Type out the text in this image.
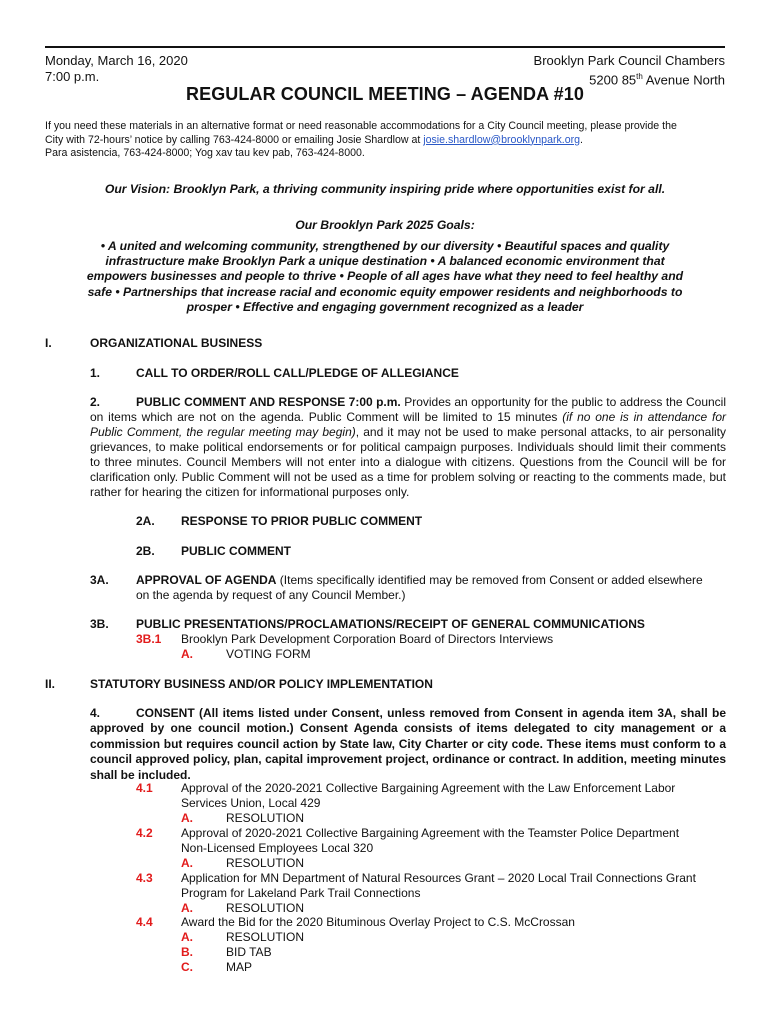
Monday, March 16, 2020
7:00 p.m.
Brooklyn Park Council Chambers
5200 85th Avenue North
REGULAR COUNCIL MEETING – AGENDA #10
If you need these materials in an alternative format or need reasonable accommodations for a City Council meeting, please provide the
City with 72-hours’ notice by calling 763-424-8000 or emailing Josie Shardlow at josie.shardlow@brooklynpark.org.
Para asistencia, 763-424-8000; Yog xav tau kev pab, 763-424-8000.
Our Vision: Brooklyn Park, a thriving community inspiring pride where opportunities exist for all.
Our Brooklyn Park 2025 Goals:
• A united and welcoming community, strengthened by our diversity • Beautiful spaces and quality
infrastructure make Brooklyn Park a unique destination • A balanced economic environment that
empowers businesses and people to thrive • People of all ages have what they need to feel healthy and
safe • Partnerships that increase racial and economic equity empower residents and neighborhoods to
prosper • Effective and engaging government recognized as a leader
I.	ORGANIZATIONAL BUSINESS
1.	CALL TO ORDER/ROLL CALL/PLEDGE OF ALLEGIANCE
2.	PUBLIC COMMENT AND RESPONSE 7:00 p.m. Provides an opportunity for the public to address the Council on items which are not on the agenda. Public Comment will be limited to 15 minutes (if no one is in attendance for Public Comment, the regular meeting may begin), and it may not be used to make personal attacks, to air personality grievances, to make political endorsements or for political campaign purposes. Individuals should limit their comments to three minutes. Council Members will not enter into a dialogue with citizens. Questions from the Council will be for clarification only. Public Comment will not be used as a time for problem solving or reacting to the comments made, but rather for hearing the citizen for informational purposes only.
2A. RESPONSE TO PRIOR PUBLIC COMMENT
2B. PUBLIC COMMENT
3A. APPROVAL OF AGENDA (Items specifically identified may be removed from Consent or added elsewhere
on the agenda by request of any Council Member.)
3B. PUBLIC PRESENTATIONS/PROCLAMATIONS/RECEIPT OF GENERAL COMMUNICATIONS
3B.1 Brooklyn Park Development Corporation Board of Directors Interviews
A.	VOTING FORM
II.	STATUTORY BUSINESS AND/OR POLICY IMPLEMENTATION
4.	CONSENT (All items listed under Consent, unless removed from Consent in agenda item 3A, shall be approved by one council motion.) Consent Agenda consists of items delegated to city management or a commission but requires council action by State law, City Charter or city code. These items must conform to a council approved policy, plan, capital improvement project, ordinance or contract. In addition, meeting minutes shall be included.
4.1 Approval of the 2020-2021 Collective Bargaining Agreement with the Law Enforcement Labor
Services Union, Local 429
A.	RESOLUTION
4.2 Approval of 2020-2021 Collective Bargaining Agreement with the Teamster Police Department
Non-Licensed Employees Local 320
A.	RESOLUTION
4.3 Application for MN Department of Natural Resources Grant – 2020 Local Trail Connections Grant
Program for Lakeland Park Trail Connections
A.	RESOLUTION
4.4 Award the Bid for the 2020 Bituminous Overlay Project to C.S. McCrossan
A.	RESOLUTION
B.	BID TAB
C.	MAP
